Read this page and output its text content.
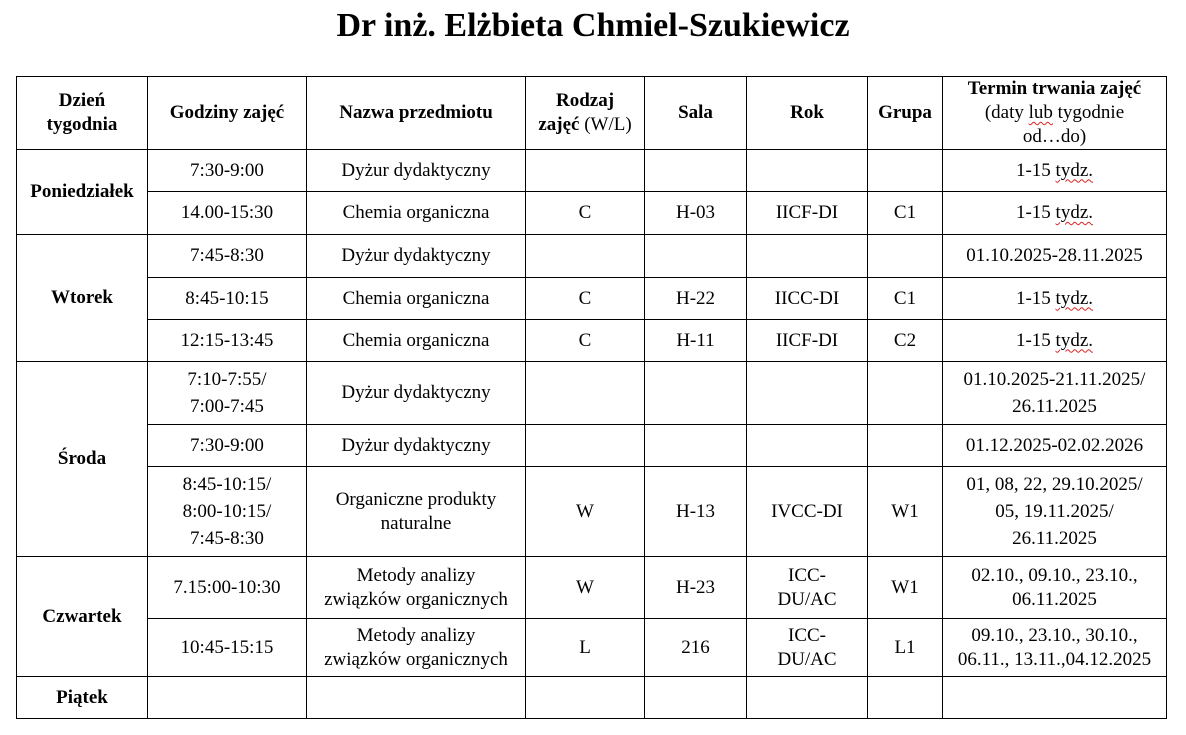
Dr inż. Elżbieta Chmiel-Szukiewicz
Dzień
tygodnia	Godziny zajęć	Nazwa przedmiotu	Rodzaj
zajęć (W/L)	Sala	Rok	Grupa	Termin trwania zajęć
(daty lub tygodnie
od…do)
Poniedziałek	7:30-9:00	Dyżur dydaktyczny					1-15 tydz.
	14.00-15:30	Chemia organiczna	C	H-03	IICF-DI	C1	1-15 tydz.
Wtorek	7:45-8:30	Dyżur dydaktyczny					01.10.2025-28.11.2025
	8:45-10:15	Chemia organiczna	C	H-22	IICC-DI	C1	1-15 tydz.
	12:15-13:45	Chemia organiczna	C	H-11	IICF-DI	C2	1-15 tydz.
Środa	7:10-7:55/
7:00-7:45	Dyżur dydaktyczny					01.10.2025-21.11.2025/
26.11.2025
	7:30-9:00	Dyżur dydaktyczny					01.12.2025-02.02.2026
	8:45-10:15/
8:00-10:15/
7:45-8:30	Organiczne produkty
naturalne	W	H-13	IVCC-DI	W1	01, 08, 22, 29.10.2025/
05, 19.11.2025/
26.11.2025
Czwartek	7.15:00-10:30	Metody analizy
związków organicznych	W	H-23	ICC-
DU/AC	W1	02.10., 09.10., 23.10.,
06.11.2025
	10:45-15:15	Metody analizy
związków organicznych	L	216	ICC-
DU/AC	L1	09.10., 23.10., 30.10.,
06.11., 13.11.,04.12.2025
Piątek							
